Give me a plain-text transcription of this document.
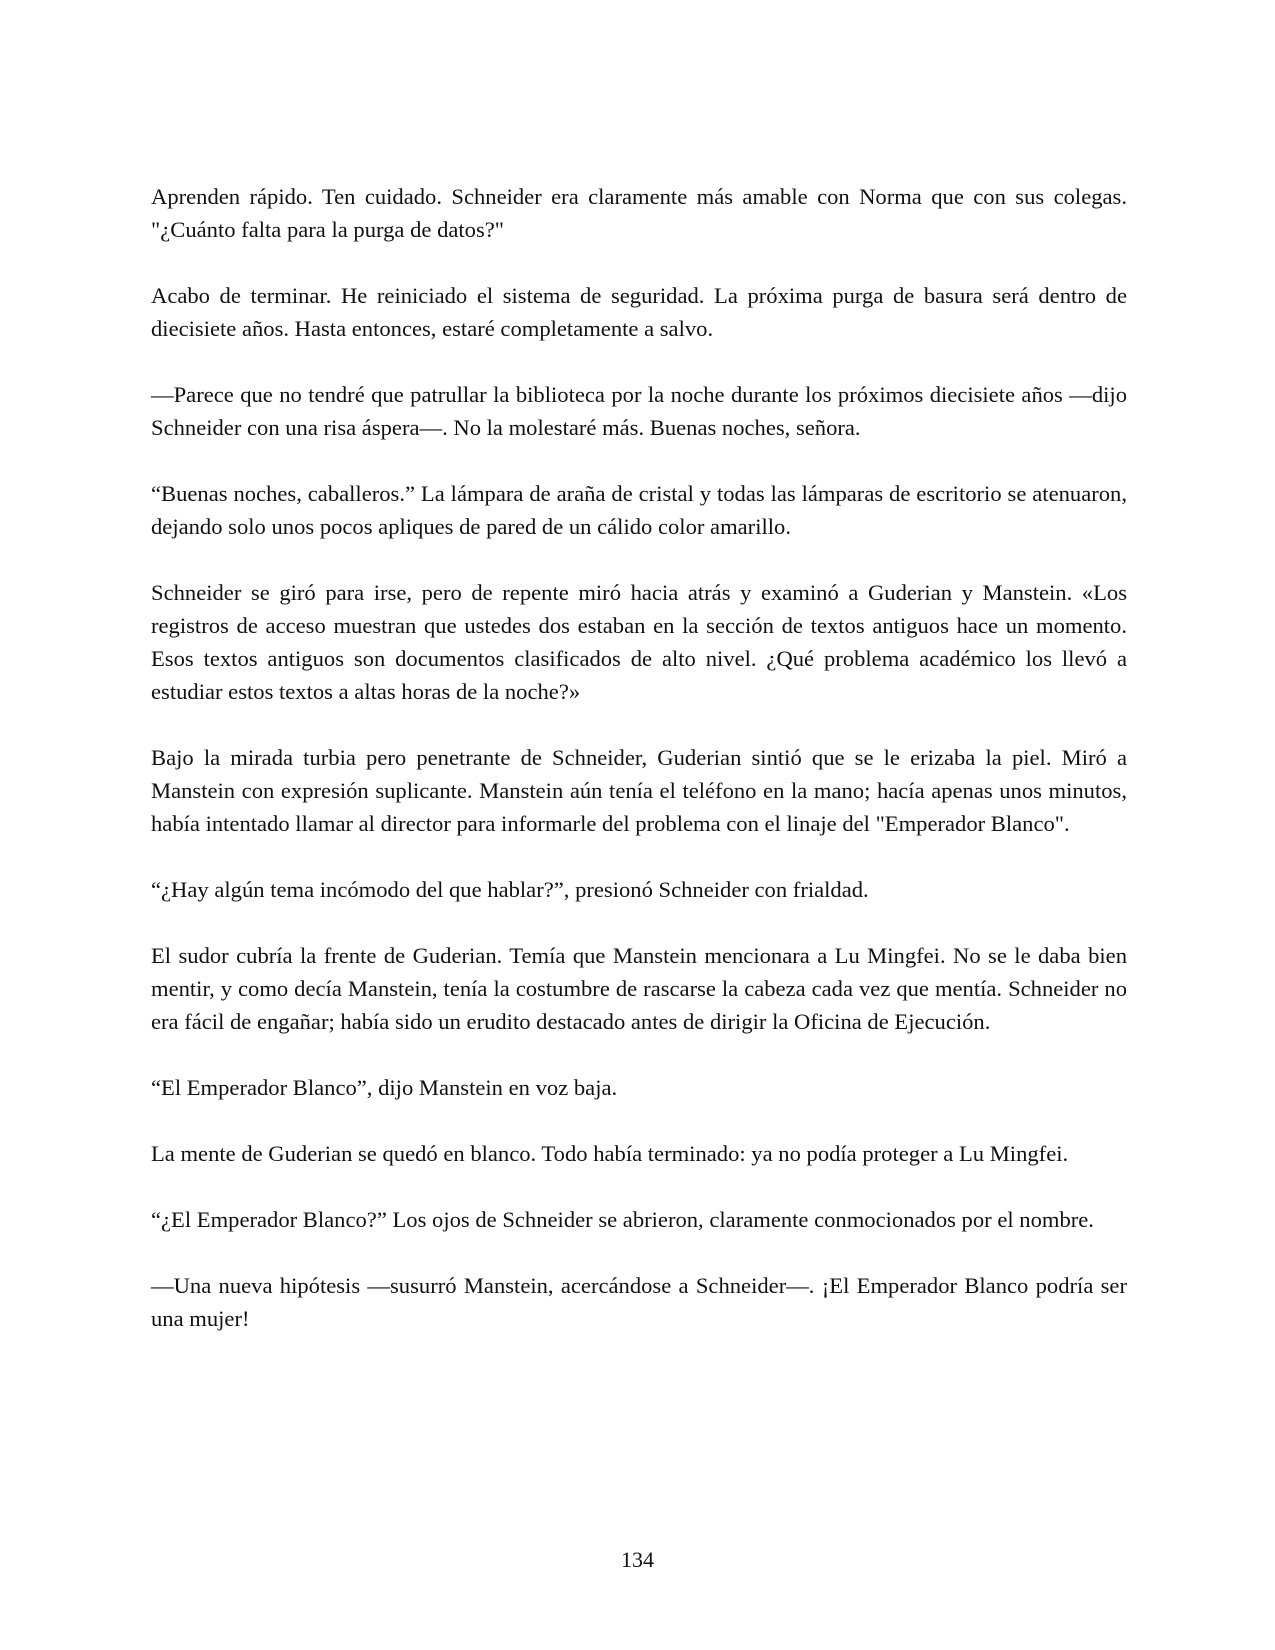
Aprenden rápido. Ten cuidado. Schneider era claramente más amable con Norma que con sus colegas. "¿Cuánto falta para la purga de datos?"

Acabo de terminar. He reiniciado el sistema de seguridad. La próxima purga de basura será dentro de diecisiete años. Hasta entonces, estaré completamente a salvo.

—Parece que no tendré que patrullar la biblioteca por la noche durante los próximos diecisiete años —dijo Schneider con una risa áspera—. No la molestaré más. Buenas noches, señora.

“Buenas noches, caballeros.” La lámpara de araña de cristal y todas las lámparas de escritorio se atenuaron, dejando solo unos pocos apliques de pared de un cálido color amarillo.

Schneider se giró para irse, pero de repente miró hacia atrás y examinó a Guderian y Manstein. «Los registros de acceso muestran que ustedes dos estaban en la sección de textos antiguos hace un momento. Esos textos antiguos son documentos clasificados de alto nivel. ¿Qué problema académico los llevó a estudiar estos textos a altas horas de la noche?»

Bajo la mirada turbia pero penetrante de Schneider, Guderian sintió que se le erizaba la piel. Miró a Manstein con expresión suplicante. Manstein aún tenía el teléfono en la mano; hacía apenas unos minutos, había intentado llamar al director para informarle del problema con el linaje del "Emperador Blanco".

“¿Hay algún tema incómodo del que hablar?”, presionó Schneider con frialdad.

El sudor cubría la frente de Guderian. Temía que Manstein mencionara a Lu Mingfei. No se le daba bien mentir, y como decía Manstein, tenía la costumbre de rascarse la cabeza cada vez que mentía. Schneider no era fácil de engañar; había sido un erudito destacado antes de dirigir la Oficina de Ejecución.

“El Emperador Blanco”, dijo Manstein en voz baja.

La mente de Guderian se quedó en blanco. Todo había terminado: ya no podía proteger a Lu Mingfei.

“¿El Emperador Blanco?” Los ojos de Schneider se abrieron, claramente conmocionados por el nombre.

—Una nueva hipótesis —susurró Manstein, acercándose a Schneider—. ¡El Emperador Blanco podría ser una mujer!

134
